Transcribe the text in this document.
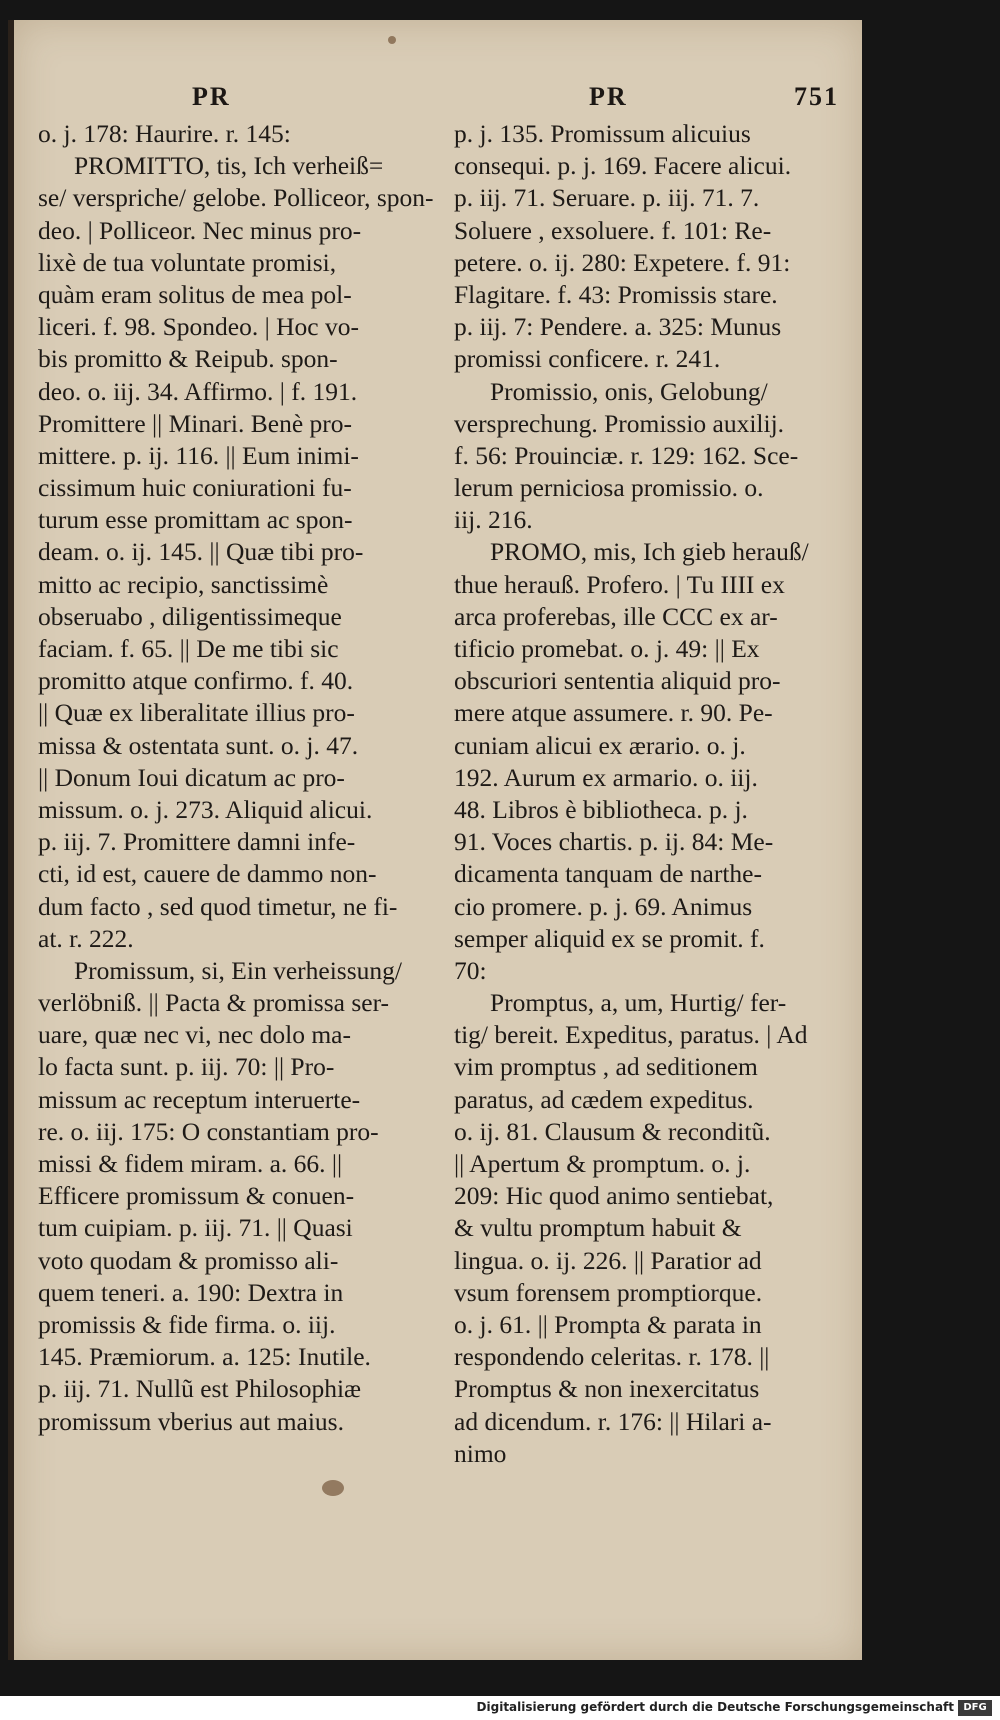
PR	PR	751
o. j. 178: Haurire. r. 145:
PROMITTO, tis, Ich verheiß=
se/ verspriche/ gelobe. Polliceor, spon-
deo. | Polliceor. Nec minus pro-
lixè de tua voluntate promisi,
quàm eram solitus de mea pol-
liceri. f. 98. Spondeo. | Hoc vo-
bis promitto & Reipub. spon-
deo. o. iij. 34. Affirmo. | f. 191.
Promittere || Minari. Benè pro-
mittere. p. ij. 116. || Eum inimi-
cissimum huic coniurationi fu-
turum esse promittam ac spon-
deam. o. ij. 145. || Quæ tibi pro-
mitto ac recipio, sanctissimè
obseruabo , diligentissimeque
faciam. f. 65. || De me tibi sic
promitto atque confirmo. f. 40.
|| Quæ ex liberalitate illius pro-
missa & ostentata sunt. o. j. 47.
|| Donum Ioui dicatum ac pro-
missum. o. j. 273. Aliquid alicui.
p. iij. 7. Promittere damni infe-
cti, id est, cauere de dammo non-
dum facto , sed quod timetur, ne fi-
at. r. 222.
Promissum, si, Ein verheissung/
verlöbniß. || Pacta & promissa ser-
uare, quæ nec vi, nec dolo ma-
lo facta sunt. p. iij. 70: || Pro-
missum ac receptum interuerte-
re. o. iij. 175: O constantiam pro-
missi & fidem miram. a. 66. ||
Efficere promissum & conuen-
tum cuipiam. p. iij. 71. || Quasi
voto quodam & promisso ali-
quem teneri. a. 190: Dextra in
promissis & fide firma. o. iij.
145. Præmiorum. a. 125: Inutile.
p. iij. 71. Nullũ est Philosophiæ
promissum vberius aut maius.
p. j. 135. Promissum alicuius
consequi. p. j. 169. Facere alicui.
p. iij. 71. Seruare. p. iij. 71. 7.
Soluere , exsoluere. f. 101: Re-
petere. o. ij. 280: Expetere. f. 91:
Flagitare. f. 43: Promissis stare.
p. iij. 7: Pendere. a. 325: Munus
promissi conficere. r. 241.
Promissio, onis, Gelobung/
versprechung. Promissio auxilij.
f. 56: Prouinciæ. r. 129: 162. Sce-
lerum perniciosa promissio. o.
iij. 216.
PROMO, mis, Ich gieb herauß/
thue herauß. Profero. | Tu IIII ex
arca proferebas, ille CCC ex ar-
tificio promebat. o. j. 49: || Ex
obscuriori sententia aliquid pro-
mere atque assumere. r. 90. Pe-
cuniam alicui ex ærario. o. j.
192. Aurum ex armario. o. iij.
48. Libros è bibliotheca. p. j.
91. Voces chartis. p. ij. 84: Me-
dicamenta tanquam de narthe-
cio promere. p. j. 69. Animus
semper aliquid ex se promit. f.
70:
Promptus, a, um, Hurtig/ fer-
tig/ bereit. Expeditus, paratus. | Ad
vim promptus , ad seditionem
paratus, ad cædem expeditus.
o. ij. 81. Clausum & reconditũ.
|| Apertum & promptum. o. j.
209: Hic quod animo sentiebat,
& vultu promptum habuit &
lingua. o. ij. 226. || Paratior ad
vsum forensem promptiorque.
o. j. 61. || Prompta & parata in
respondendo celeritas. r. 178. ||
Promptus & non inexercitatus
ad dicendum. r. 176: || Hilari a-
nimo
Digitalisierung gefördert durch die Deutsche Forschungsgemeinschaft DFG
